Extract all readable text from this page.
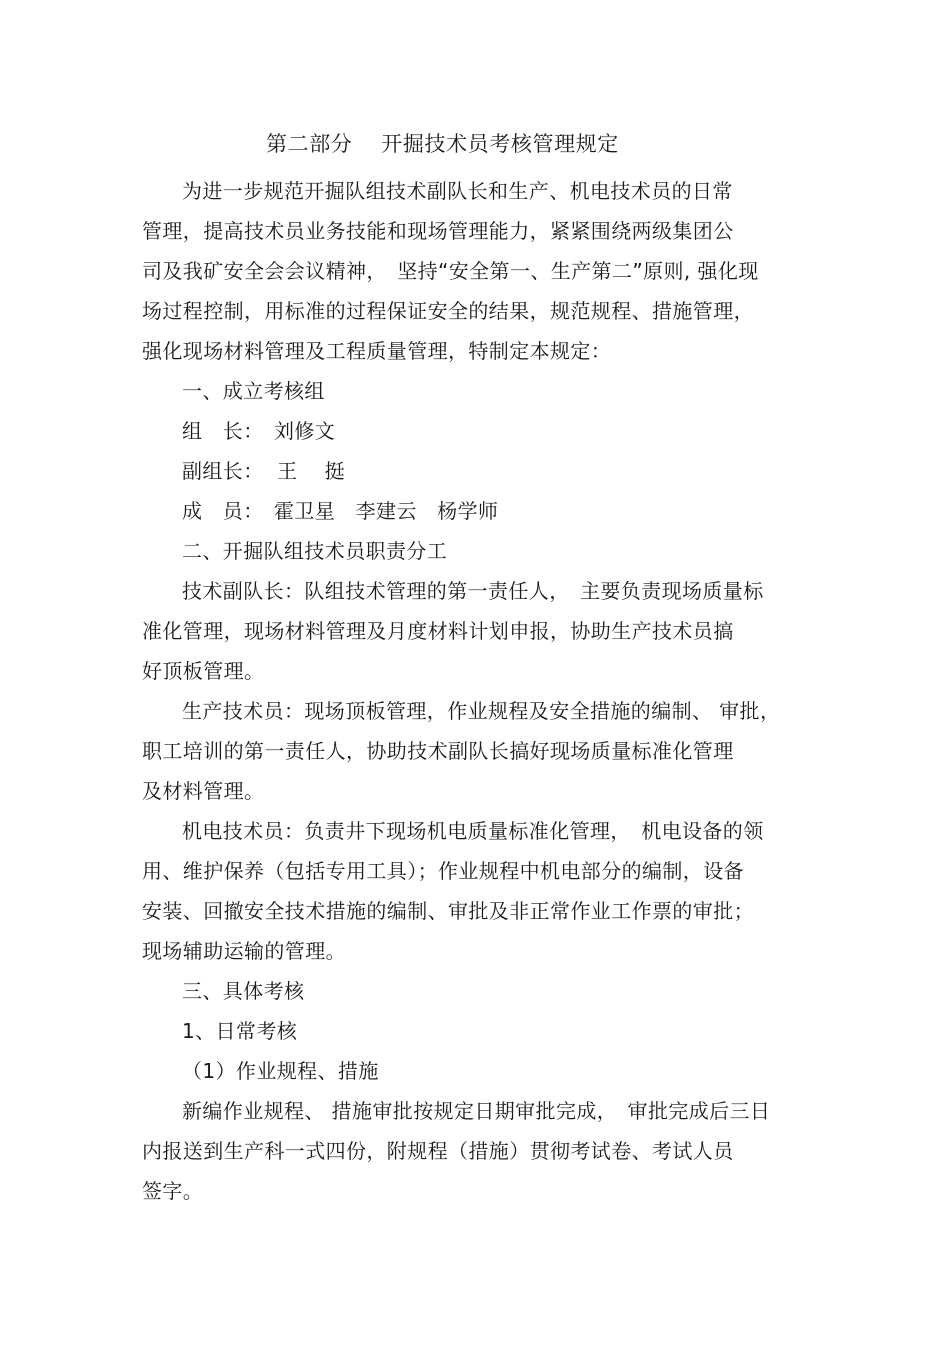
第二部分　 开掘技术员考核管理规定
为进一步规范开掘队组技术副队长和生产、机电技术员的日常
管理，提高技术员业务技能和现场管理能力，紧紧围绕两级集团公
司及我矿安全会会议精神，　坚持“安全第一、生产第二”原则, 强化现
场过程控制，用标准的过程保证安全的结果，规范规程、措施管理，
强化现场材料管理及工程质量管理，特制定本规定：
一、成立考核组
组　长：　刘修文
副组长：  王　 挺
成　员：　霍卫星　李建云　杨学师
二、开掘队组技术员职责分工
技术副队长：队组技术管理的第一责任人，　主要负责现场质量标
准化管理，现场材料管理及月度材料计划申报，协助生产技术员搞
好顶板管理。
生产技术员：现场顶板管理，作业规程及安全措施的编制、 审批，
职工培训的第一责任人，协助技术副队长搞好现场质量标准化管理
及材料管理。
机电技术员：负责井下现场机电质量标准化管理，　机电设备的领
用、维护保养（包括专用工具）；作业规程中机电部分的编制，设备
安装、回撤安全技术措施的编制、审批及非正常作业工作票的审批；
现场辅助运输的管理。
三、具体考核
1、日常考核
（1）作业规程、措施
新编作业规程、 措施审批按规定日期审批完成，　审批完成后三日
内报送到生产科一式四份，附规程（措施）贯彻考试卷、考试人员
签字。
